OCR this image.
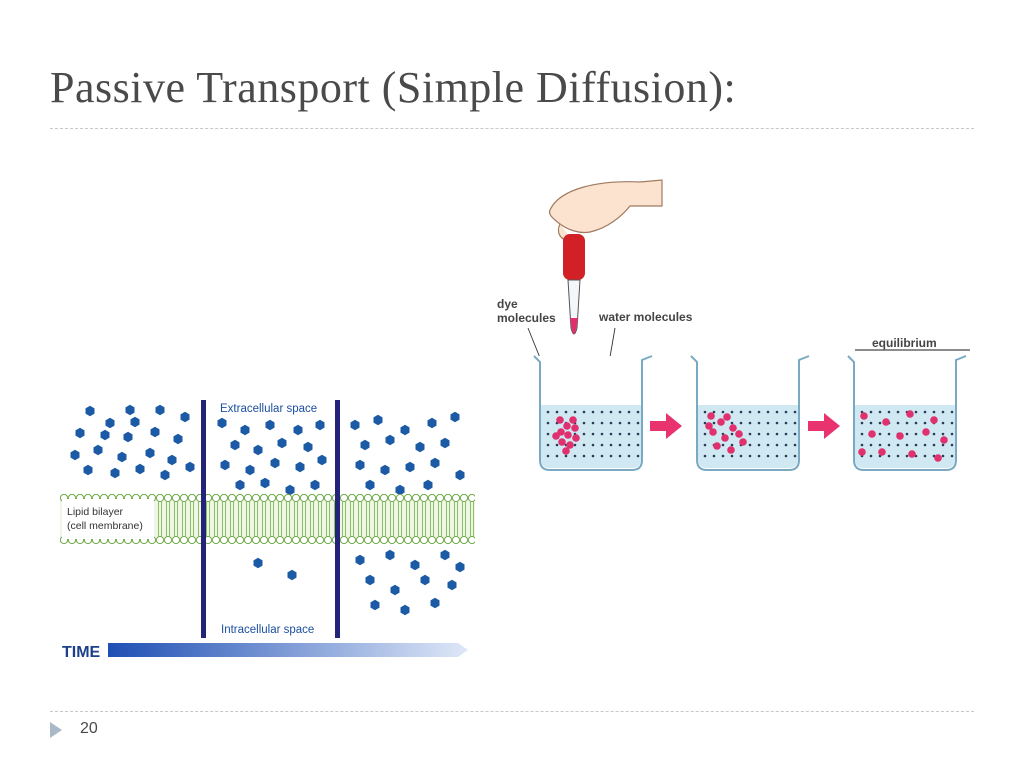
Passive Transport (Simple Diffusion):
Lipid bilayer
(cell membrane)
Extracellular space
Intracellular space
TIME
dye
molecules	water molecules
equilibrium
20
